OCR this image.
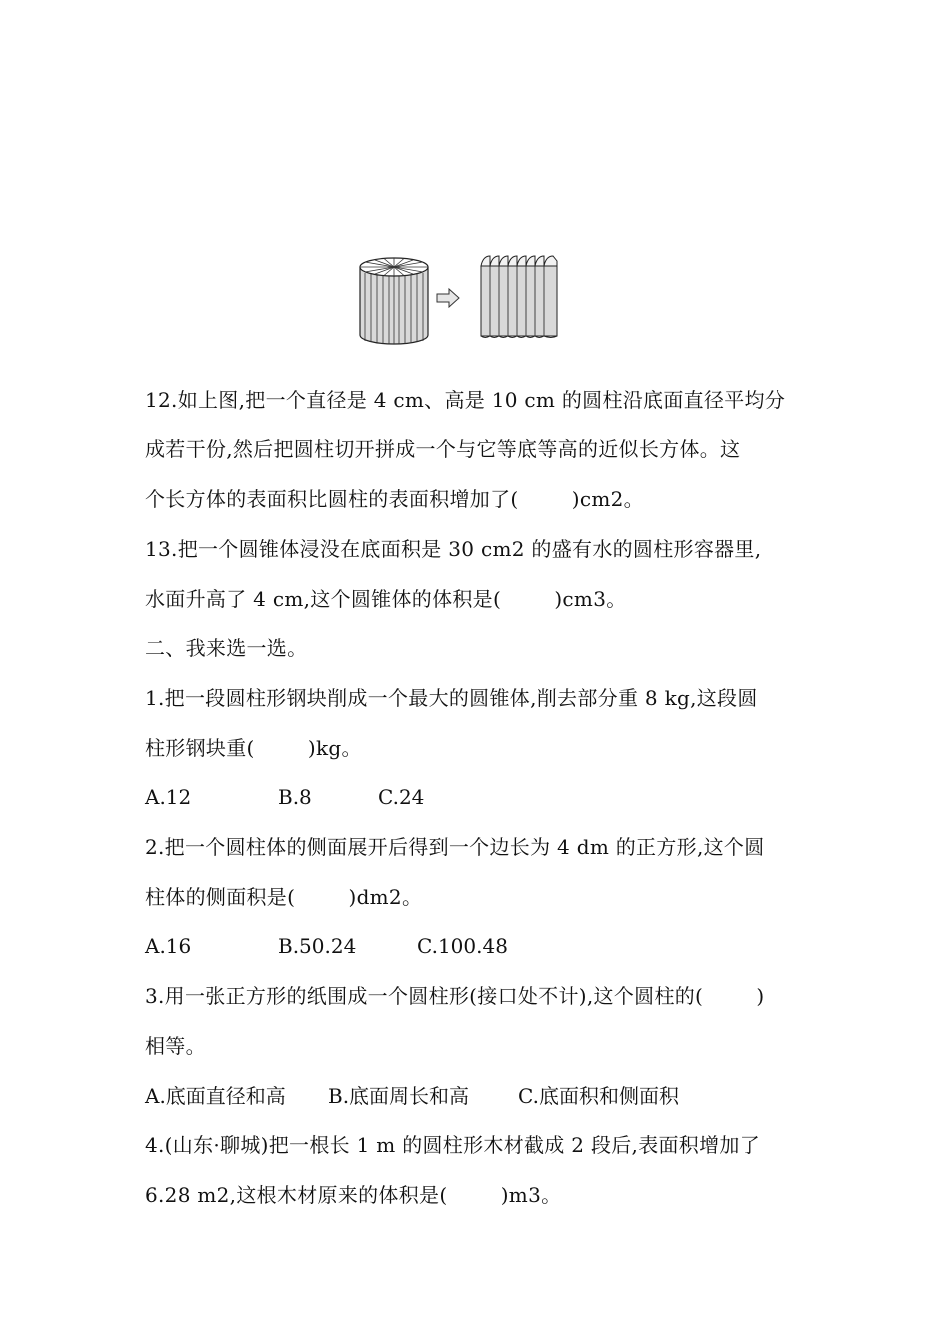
12.如上图,把一个直径是 4 cm、高是 10 cm 的圆柱沿底面直径平均分
成若干份,然后把圆柱切开拼成一个与它等底等高的近似长方体。这
个长方体的表面积比圆柱的表面积增加了(        )cm2。
13.把一个圆锥体浸没在底面积是 30 cm2 的盛有水的圆柱形容器里,
水面升高了 4 cm,这个圆锥体的体积是(        )cm3。
二、我来选一选。
1.把一段圆柱形钢块削成一个最大的圆锥体,削去部分重 8 kg,这段圆
柱形钢块重(        )kg。

A.12

	B.8

	C.24

2.把一个圆柱体的侧面展开后得到一个边长为 4 dm 的正方形,这个圆
柱体的侧面积是(        )dm2。

A.16

	B.50.24

	C.100.48

3.用一张正方形的纸围成一个圆柱形(接口处不计),这个圆柱的(        )
相等。

A.底面直径和高

B.底面周长和高

C.底面积和侧面积

4.(山东·聊城)把一根长 1 m 的圆柱形木材截成 2 段后,表面积增加了
6.28 m2,这根木材原来的体积是(        )m3。
